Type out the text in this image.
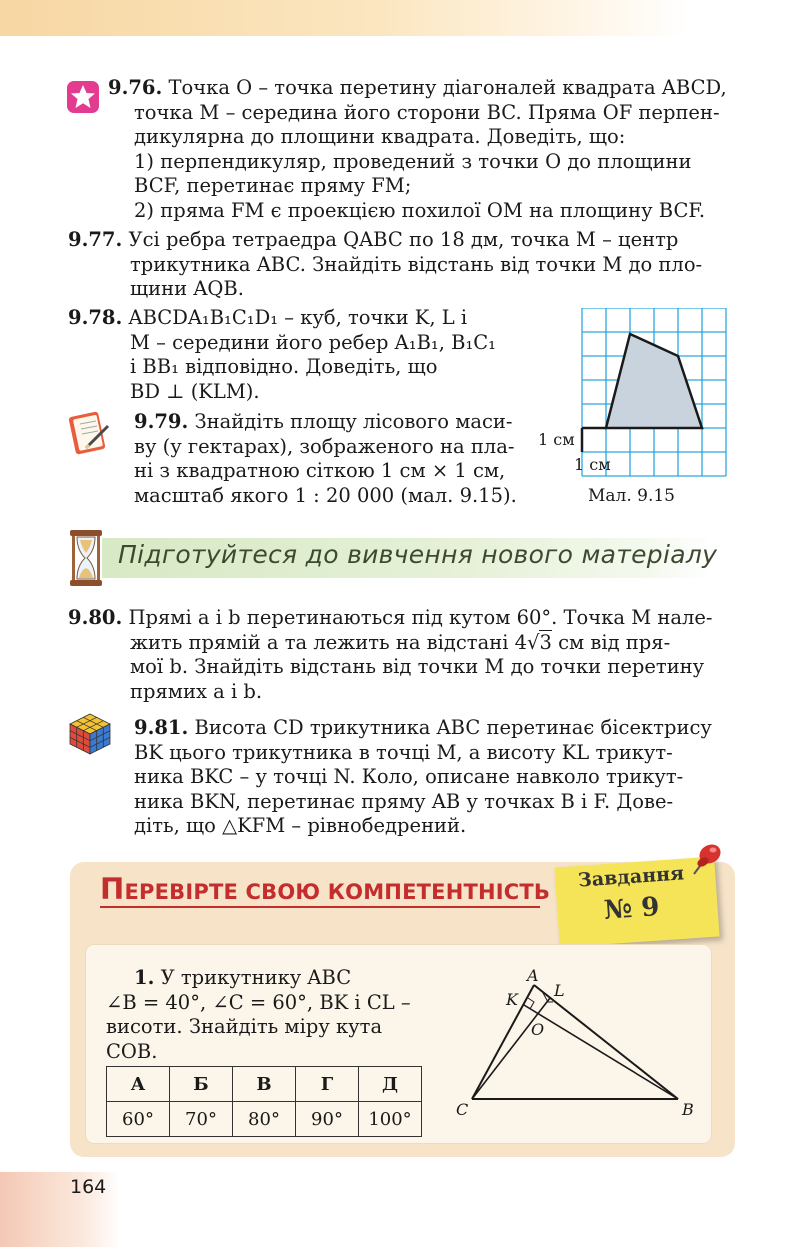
9.76. Точка O – точка перетину діагоналей квадрата ABCD,
точка M – середина його сторони BC. Пряма OF перпен-
дикулярна до площини квадрата. Доведіть, що:
1) перпендикуляр, проведений з точки O до площини
BCF, перетинає пряму FM;
2) пряма FM є проекцією похилої OM на площину BCF.
9.77. Усі ребра тетраедра QABC по 18 дм, точка M – центр
трикутника ABC. Знайдіть відстань від точки M до пло-
щини AQB.
9.78. ABCDA₁B₁C₁D₁ – куб, точки K, L і
M – середини його ребер A₁B₁, B₁C₁
і BB₁ відповідно. Доведіть, що
BD ⊥ (KLM).
9.79. Знайдіть площу лісового маси-
ву (у гектарах), зображеного на пла-
ні з квадратною сіткою 1 см × 1 см,
масштаб якого 1 : 20 000 (мал. 9.15).
1 см
1 см
Мал. 9.15
Підготуйтеся до вивчення нового матеріалу
9.80. Прямі a і b перетинаються під кутом 60°. Точка M нале-
жить прямій a та лежить на відстані 4√3 см від пря-
мої b. Знайдіть відстань від точки M до точки перетину
прямих a і b.
9.81. Висота CD трикутника ABC перетинає бісектрису
BK цього трикутника в точці M, а висоту KL трикут-
ника BKC – у точці N. Коло, описане навколо трикут-
ника BKN, перетинає пряму AB у точках B і F. Дове-
діть, що △KFM – рівнобедрений.
ПЕРЕВІРТЕ СВОЮ КОМПЕТЕНТНІСТЬ
Завдання
№ 9
1. У трикутнику ABC
∠B = 40°, ∠C = 60°, BK і CL –
висоти. Знайдіть міру кута
COB.
А	Б	В	Г	Д
60°	70°	80°	90°	100°
A
B
C
K L
O
164
